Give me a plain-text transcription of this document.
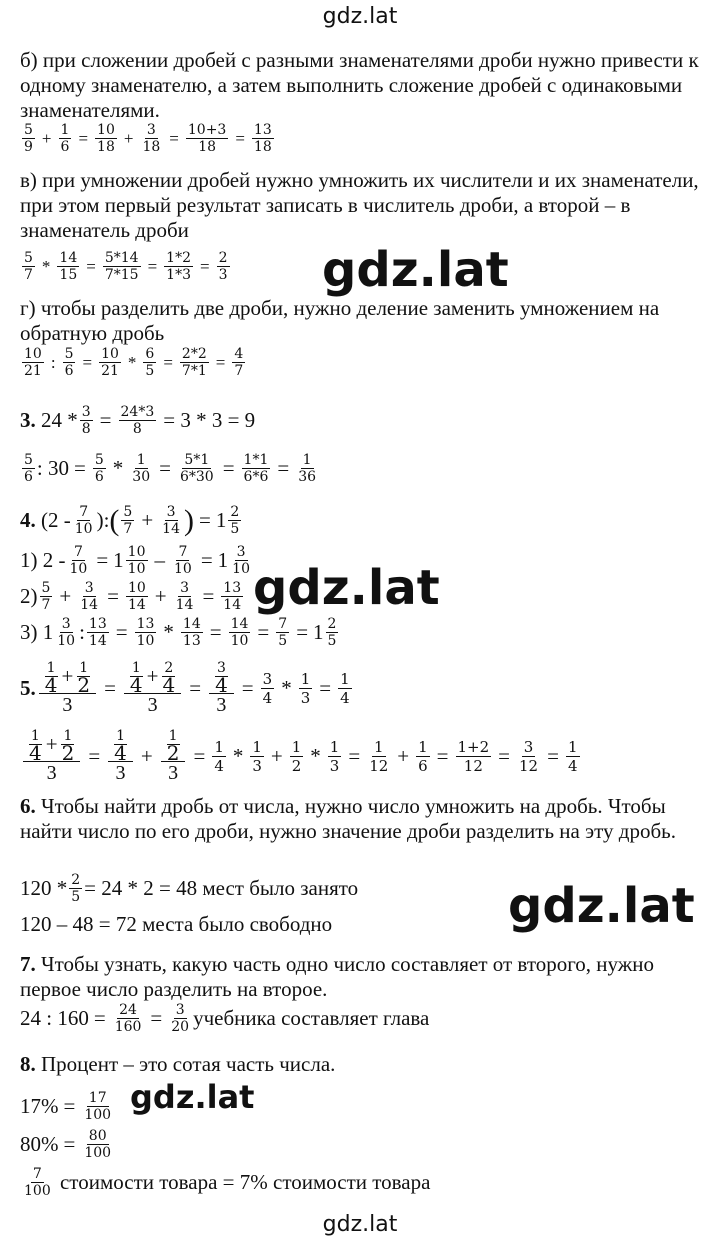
gdz.lat
б) при сложении дробей с разными знаменателями дроби нужно привести к одному знаменателю, а затем выполнить сложение дробей с одинаковыми знаменателями.
5
$9 + \frac{1}{6} = \frac{10}{18} + \frac{3}{18} = \frac{10+3}{18} = \frac{13}{18}$
в) при умножении дробей нужно умножить их числители и их знаменатели, при этом первый результат записать в числитель дроби, а второй – в знаменатель дроби
gdz.lat
5
$7 * \frac{14}{15} = \frac{5*14}{7*15} = \frac{1*2}{1*3} = \frac{2}{3}$
г) чтобы разделить две дроби, нужно деление заменить умножением на обратную дробь
10
21 : $\frac{5}{6} = \frac{10}{21} * \frac{6}{5} = \frac{2*2}{7*1} = \frac{4}{7}$
3. $24 * \frac{3}{8} = \frac{24*3}{8} = 3 * 3 = 9$
$\frac{5}{6}$ : $30 = \frac{5}{6} * \frac{1}{30} = \frac{5*1}{6*30} = \frac{1*1}{6*6} = \frac{1}{36}$
4. (2 - 7
10 ): ( 5
$7 + \frac{3}{14}$ ) = $1 \frac{2}{5}$
1) $2 - \frac{7}{10} = 1 \frac{10}{10} - \frac{7}{10} = 1 \frac{3}{10}$
2) 5
$7 + \frac{3}{14} = \frac{10}{14} + \frac{3}{14} = \frac{13}{14} gdz.lat$
3) 1 3
10 : $\frac{13}{14} = \frac{13}{10} * \frac{14}{13} = \frac{14}{10} = \frac{7}{5} = 1 \frac{2}{5}$
5. 1
4 + 1
2
3 = 1
4 + 2
4
3 = 3
4
$3 = \frac{3}{4} * \frac{1}{3} = \frac{1}{4}$
1
4 + 1
2
3 = 1
4
3 + 1
2
$3 = \frac{1}{4} * 1$
$3 + \frac{1}{2} * \frac{1}{3} = \frac{1}{12} + \frac{1}{6} = \frac{1+2}{12} = \frac{3}{12} = \frac{1}{4}$
6. Чтобы найти дробь от числа, нужно число умножить на дробь. Чтобы найти число по его дроби, нужно значение дроби разделить на эту дробь.
$120 * \frac{2}{5} = 24 * 2 = 48$ мест было занято
120 – 48 = 72 места было свободно	gdz.lat
7. Чтобы узнать, какую часть одно число составляет от второго, нужно первое число разделить на второе.
24 : $160 = \frac{24}{160} = \frac{3}{20}$ учебника составляет глава
8. Процент – это сотая часть числа.
gdz.lat
$17\% = \frac{17}{100}$
$80\% = \frac{80}{100}$
7
100
стоимости товара = 7% стоимости товара
gdz.lat
